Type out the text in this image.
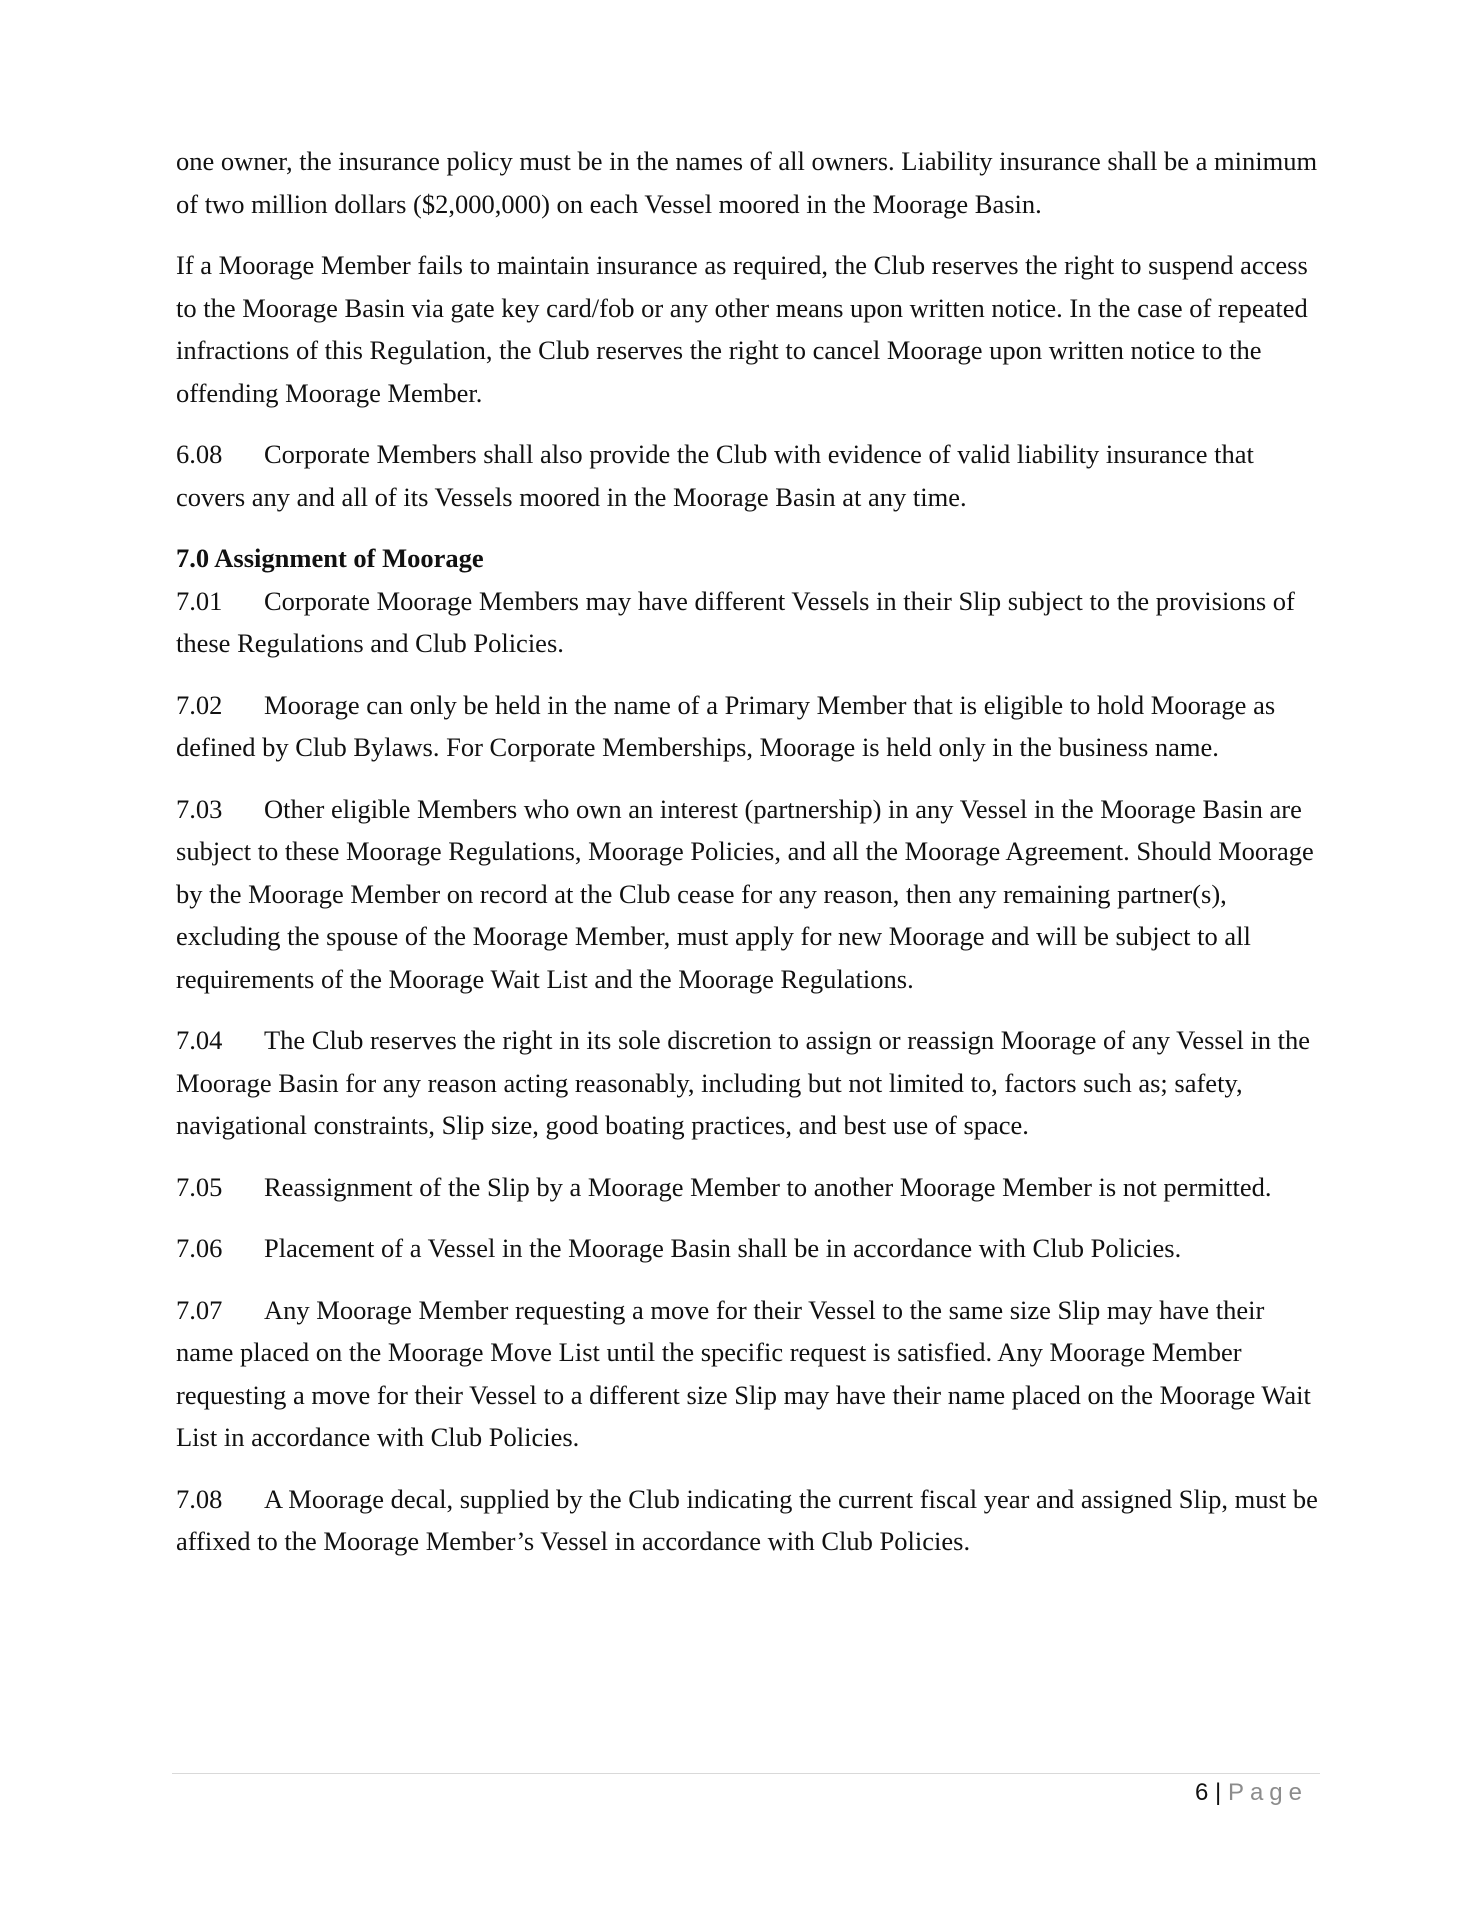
one owner, the insurance policy must be in the names of all owners. Liability insurance shall be a minimum of two million dollars ($2,000,000) on each Vessel moored in the Moorage Basin.

If a Moorage Member fails to maintain insurance as required, the Club reserves the right to suspend access to the Moorage Basin via gate key card/fob or any other means upon written notice. In the case of repeated infractions of this Regulation, the Club reserves the right to cancel Moorage upon written notice to the offending Moorage Member.

6.08 Corporate Members shall also provide the Club with evidence of valid liability insurance that covers any and all of its Vessels moored in the Moorage Basin at any time.

7.0 Assignment of Moorage

7.01 Corporate Moorage Members may have different Vessels in their Slip subject to the provisions of these Regulations and Club Policies.

7.02 Moorage can only be held in the name of a Primary Member that is eligible to hold Moorage as defined by Club Bylaws. For Corporate Memberships, Moorage is held only in the business name.

7.03 Other eligible Members who own an interest (partnership) in any Vessel in the Moorage Basin are subject to these Moorage Regulations, Moorage Policies, and all the Moorage Agreement. Should Moorage by the Moorage Member on record at the Club cease for any reason, then any remaining partner(s), excluding the spouse of the Moorage Member, must apply for new Moorage and will be subject to all requirements of the Moorage Wait List and the Moorage Regulations.

7.04 The Club reserves the right in its sole discretion to assign or reassign Moorage of any Vessel in the Moorage Basin for any reason acting reasonably, including but not limited to, factors such as; safety, navigational constraints, Slip size, good boating practices, and best use of space.

7.05 Reassignment of the Slip by a Moorage Member to another Moorage Member is not permitted.

7.06 Placement of a Vessel in the Moorage Basin shall be in accordance with Club Policies.

7.07 Any Moorage Member requesting a move for their Vessel to the same size Slip may have their name placed on the Moorage Move List until the specific request is satisfied. Any Moorage Member requesting a move for their Vessel to a different size Slip may have their name placed on the Moorage Wait List in accordance with Club Policies.

7.08 A Moorage decal, supplied by the Club indicating the current fiscal year and assigned Slip, must be affixed to the Moorage Member’s Vessel in accordance with Club Policies.

6 | Page
